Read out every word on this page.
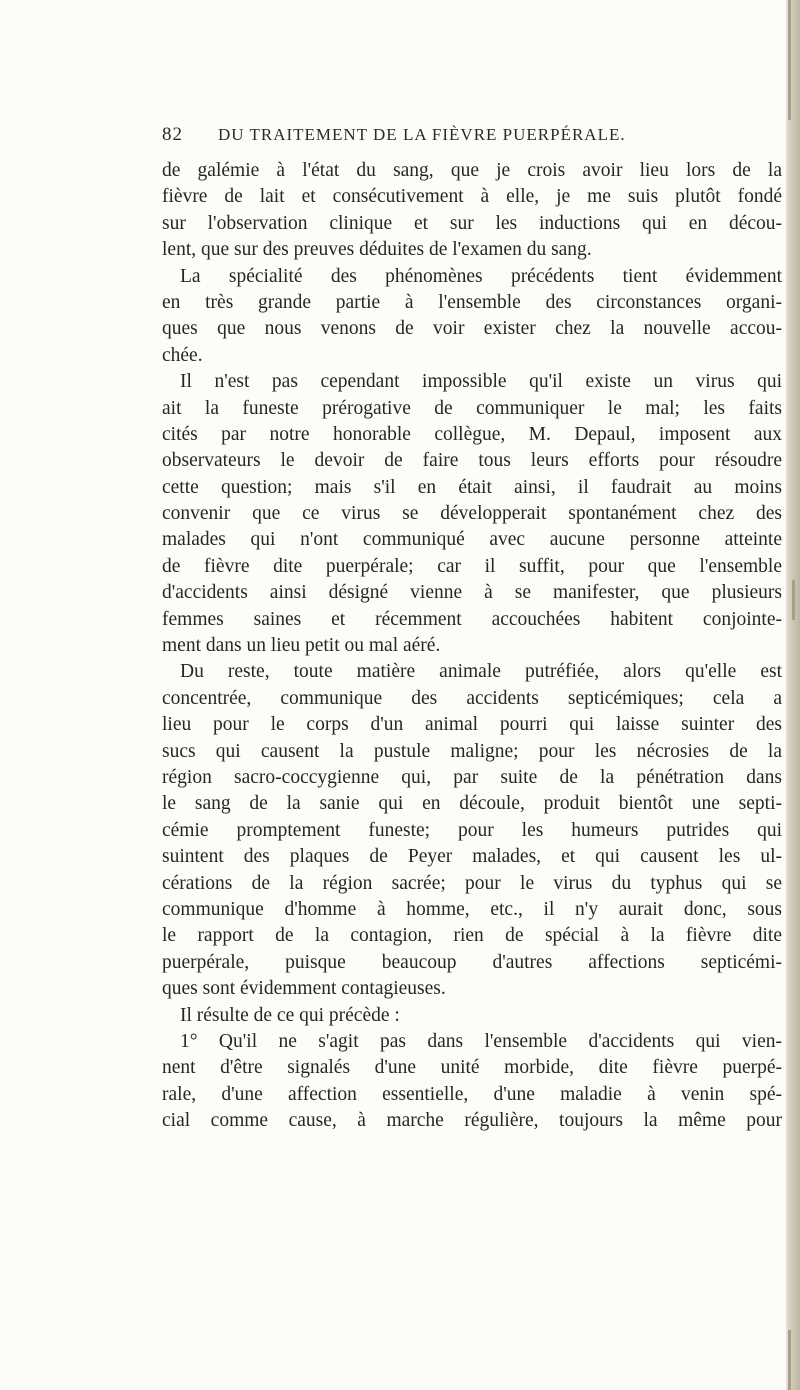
82 DU TRAITEMENT DE LA FIÈVRE PUERPÉRALE.
de galémie à l'état du sang, que je crois avoir lieu lors de la
fièvre de lait et consécutivement à elle, je me suis plutôt fondé
sur l'observation clinique et sur les inductions qui en décou-
lent, que sur des preuves déduites de l'examen du sang.
La spécialité des phénomènes précédents tient évidemment
en très grande partie à l'ensemble des circonstances organi-
ques que nous venons de voir exister chez la nouvelle accou-
chée.
Il n'est pas cependant impossible qu'il existe un virus qui
ait la funeste prérogative de communiquer le mal; les faits
cités par notre honorable collègue, M. Depaul, imposent aux
observateurs le devoir de faire tous leurs efforts pour résoudre
cette question; mais s'il en était ainsi, il faudrait au moins
convenir que ce virus se développerait spontanément chez des
malades qui n'ont communiqué avec aucune personne atteinte
de fièvre dite puerpérale; car il suffit, pour que l'ensemble
d'accidents ainsi désigné vienne à se manifester, que plusieurs
femmes saines et récemment accouchées habitent conjointe-
ment dans un lieu petit ou mal aéré.
Du reste, toute matière animale putréfiée, alors qu'elle est
concentrée, communique des accidents septicémiques; cela a
lieu pour le corps d'un animal pourri qui laisse suinter des
sucs qui causent la pustule maligne; pour les nécrosies de la
région sacro-coccygienne qui, par suite de la pénétration dans
le sang de la sanie qui en découle, produit bientôt une septi-
cémie promptement funeste; pour les humeurs putrides qui
suintent des plaques de Peyer malades, et qui causent les ul-
cérations de la région sacrée; pour le virus du typhus qui se
communique d'homme à homme, etc., il n'y aurait donc, sous
le rapport de la contagion, rien de spécial à la fièvre dite
puerpérale, puisque beaucoup d'autres affections septicémi-
ques sont évidemment contagieuses.
Il résulte de ce qui précède :
1° Qu'il ne s'agit pas dans l'ensemble d'accidents qui vien-
nent d'être signalés d'une unité morbide, dite fièvre puerpé-
rale, d'une affection essentielle, d'une maladie à venin spé-
cial comme cause, à marche régulière, toujours la même pour
